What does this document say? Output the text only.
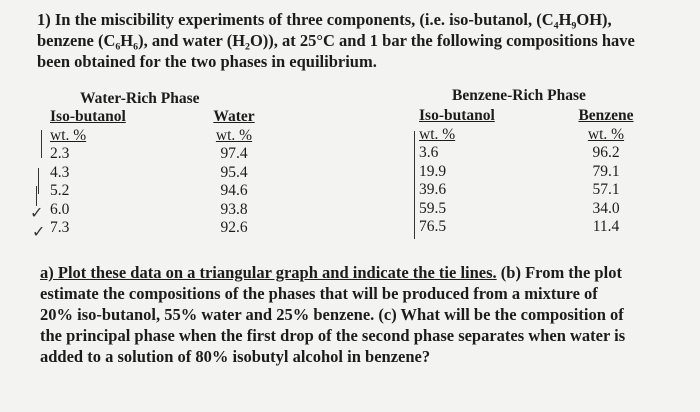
1) In the miscibility experiments of three components, (i.e. iso-butanol, (C₄H₉OH),

benzene (C₆H₆), and water (H₂O)), at 25°C and 1 bar the following compositions have

been obtained for the two phases in equilibrium.

Water-Rich Phase
Iso-butanol
wt. %
2.3
4.3
5.2
6.0
7.3
Water
wt. %
97.4
95.4
94.6
93.8
92.6
✓
✓
Benzene-Rich Phase
Iso-butanol
wt. %
3.6
19.9
39.6
59.5
76.5
Benzene
wt. %
96.2
79.1
57.1
34.0
11.4
a) Plot these data on a triangular graph and indicate the tie lines. (b) From the plot
estimate the compositions of the phases that will be produced from a mixture of
20% iso-butanol, 55% water and 25% benzene. (c) What will be the composition of
the principal phase when the first drop of the second phase separates when water is
added to a solution of 80% isobutyl alcohol in benzene?
